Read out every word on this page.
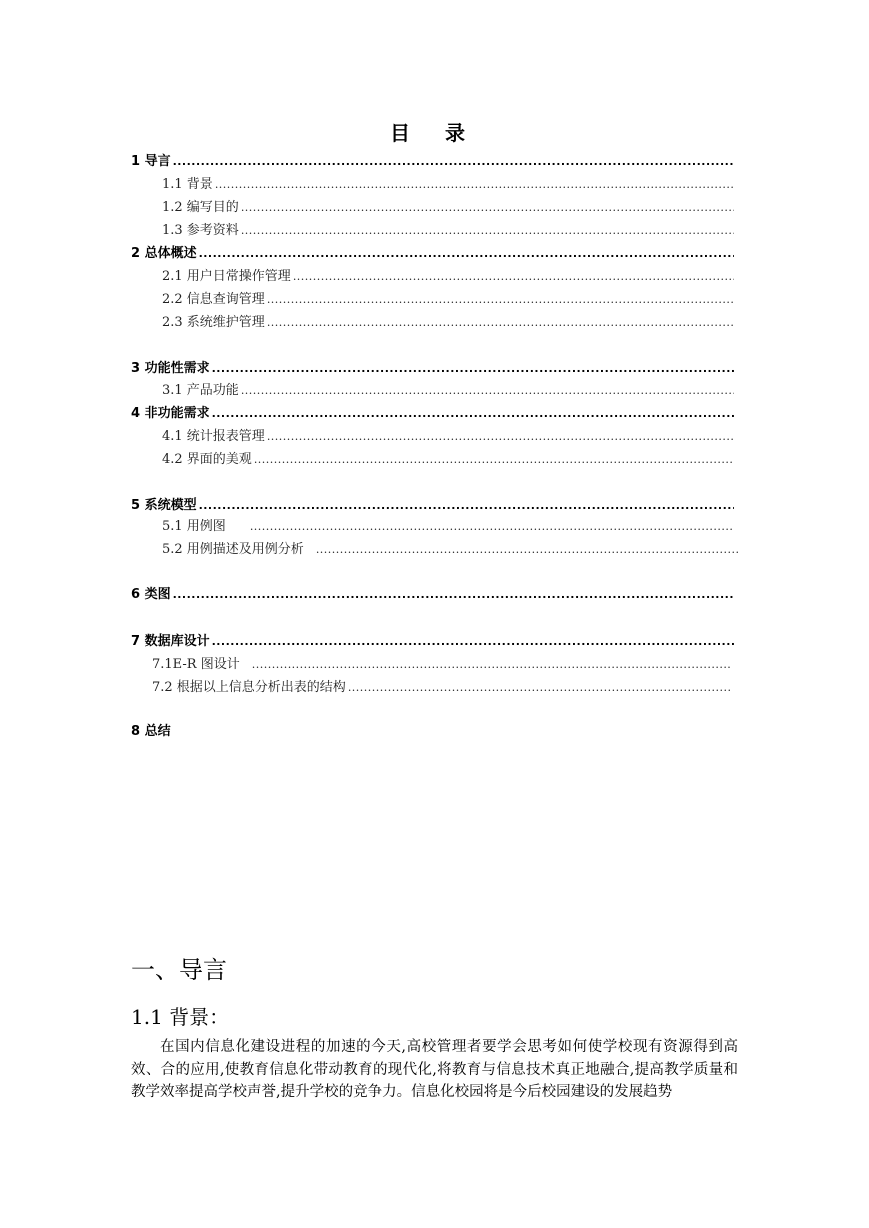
目 录
1 导言
.....
1.1 背景
.....
1.2 编写目的
.....
1.3 参考资料
.....
2 总体概述
.....
2.1 用户日常操作管理
.....
2.2 信息查询管理
.....
2.3 系统维护管理
.....
3 功能性需求
.....
3.1 产品功能
.....
4 非功能需求
.....
4.1 统计报表管理
.....
4.2 界面的美观
.....
5 系统模型
.....
5.1 用例图
.....
5.2 用例描述及用例分析
.....
6 类图
.....
7 数据库设计
.....
7.1E-R 图设计
.....
7.2 根据以上信息分析出表的结构
.....
8 总结
一、导言
1.1 背景：
在国内信息化建设进程的加速的今天,高校管理者要学会思考如何使学校现有资源得到高效、合的应用,使教育信息化带动教育的现代化,将教育与信息技术真正地融合,提高教学质量和教学效率提高学校声誉,提升学校的竞争力。信息化校园将是今后校园建设的发展趋势
